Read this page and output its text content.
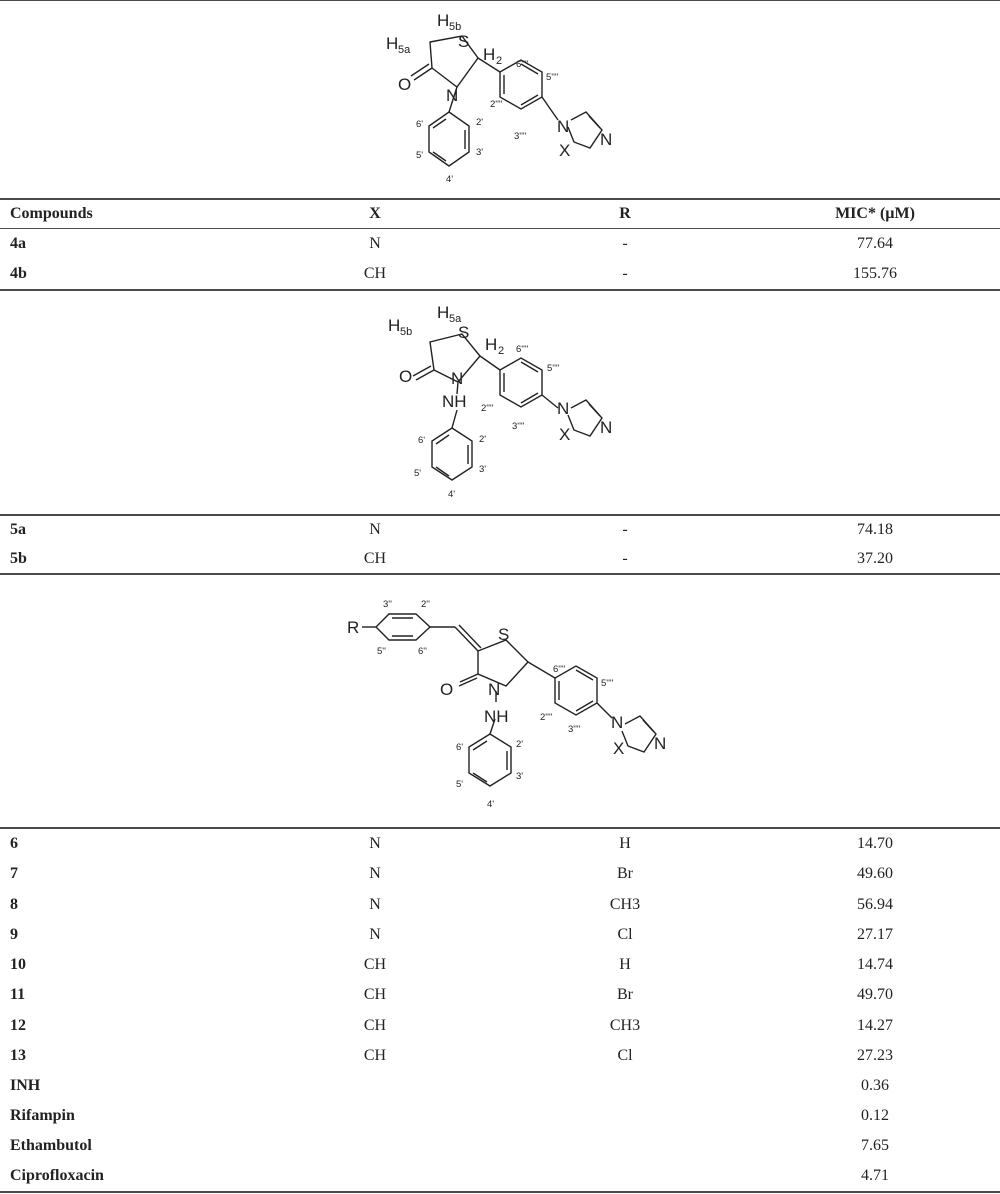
H 5a
H 5b
S
H 2
O
N
N
X
N
6'	2'
5'	3'
4'
6''''
5''''
2''''
3''''
Compounds	X	R	MIC* (µM)
4a	N	-	77.64
4b	CH	-	155.76
H 5b
H 5a
S
H 2
O N
NH	N
X N
6'	2'
5'	3'
4'
6''''
5''''
2''''
3''''
5a	N	-	74.18
5b	CH	-	37.20
R	S
O N
NH	N
X N
3''	2''
5''	6''
6'	2'
5'
3'
4'
6''''
5''''
2''''
3''''
6	N	H	14.70
7	N	Br	49.60
8	N	CH3	56.94
9	N	Cl	27.17
10	CH	H	14.74
11	CH	Br	49.70
12	CH	CH3	14.27
13	CH	Cl	27.23
INH	0.36
Rifampin	0.12
Ethambutol	7.65
Ciprofloxacin	4.71
